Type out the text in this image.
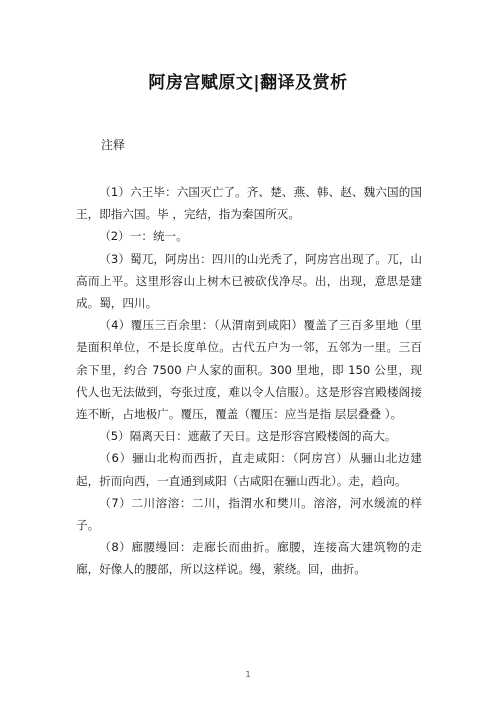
阿房宫赋原文|翻译及赏析
注释

（1）六王毕：六国灭亡了。齐、楚、燕、韩、赵、魏六国的国王，即指六国。毕 ，完结，指为秦国所灭。

（2）一：统一。

（3）蜀兀，阿房出：四川的山光秃了，阿房宫出现了。兀，山高而上平。这里形容山上树木已被砍伐净尽。出，出现，意思是建成。蜀，四川。

（4）覆压三百余里：（从渭南到咸阳）覆盖了三百多里地（里是面积单位，不是长度单位。古代五户为一邻，五邻为一里。三百余下里，约合 7500 户人家的面积。300 里地，即 150 公里，现代人也无法做到，夸张过度，难以令人信服）。这是形容宫殿楼阁接连不断，占地极广。覆压，覆盖（覆压：应当是指 层层叠叠 ）。

（5）隔离天日：遮蔽了天日。这是形容宫殿楼阁的高大。

（6）骊山北构而西折，直走咸阳：（阿房宫）从骊山北边建起，折而向西，一直通到咸阳（古咸阳在骊山西北）。走，趋向。

（7）二川溶溶：二川，指渭水和樊川。溶溶，河水缓流的样子。

（8）廊腰缦回：走廊长而曲折。廊腰，连接高大建筑物的走廊，好像人的腰部，所以这样说。缦，萦绕。回，曲折。

1
